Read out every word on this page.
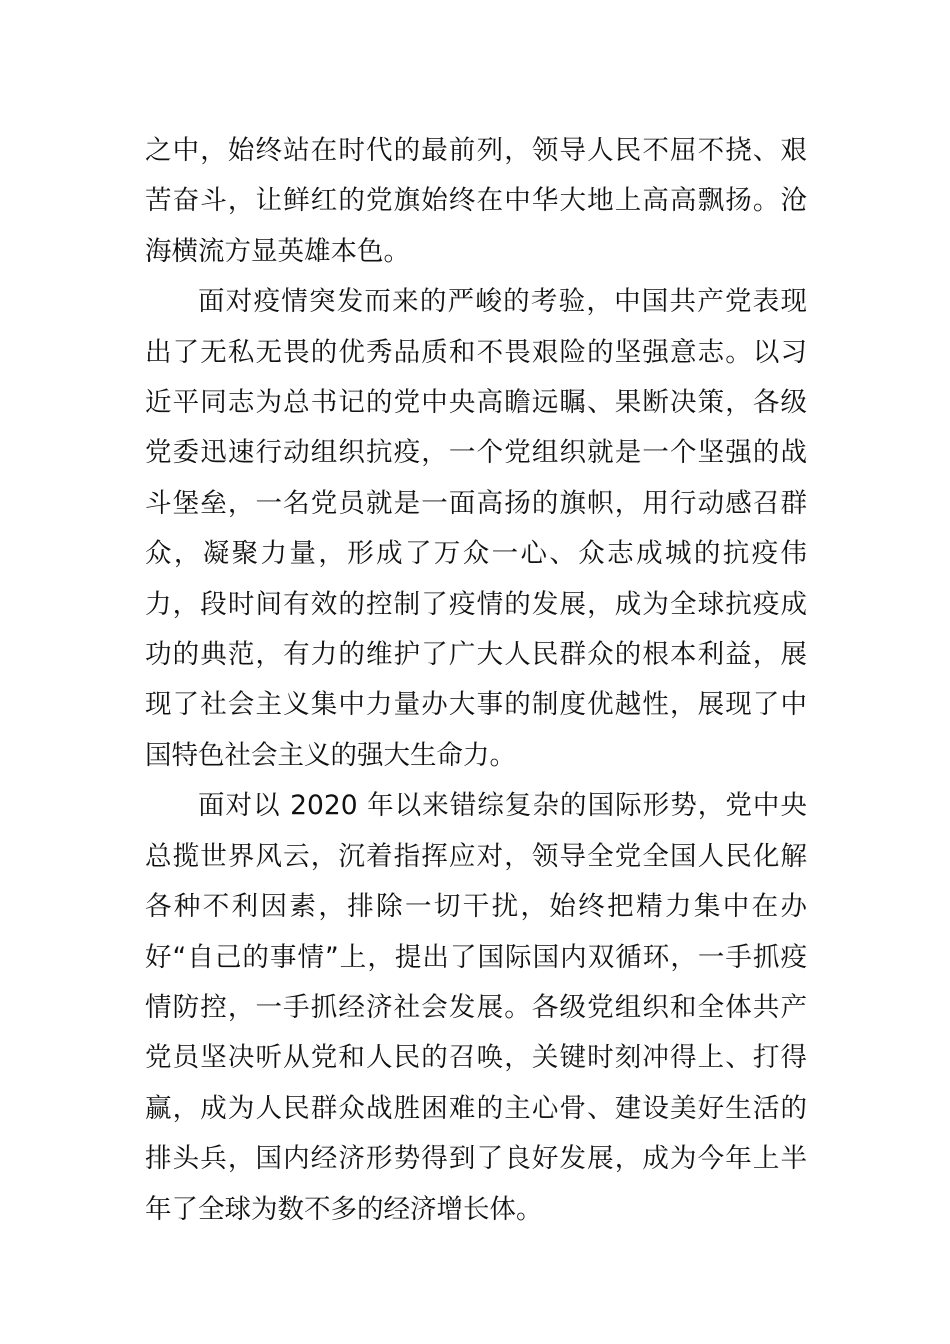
之中，始终站在时代的最前列，领导人民不屈不挠、艰苦奋斗，让鲜红的党旗始终在中华大地上高高飘扬。沧海横流方显英雄本色。

面对疫情突发而来的严峻的考验，中国共产党表现出了无私无畏的优秀品质和不畏艰险的坚强意志。以习近平同志为总书记的党中央高瞻远瞩、果断决策，各级党委迅速行动组织抗疫，一个党组织就是一个坚强的战斗堡垒，一名党员就是一面高扬的旗帜，用行动感召群众，凝聚力量，形成了万众一心、众志成城的抗疫伟力，段时间有效的控制了疫情的发展，成为全球抗疫成功的典范，有力的维护了广大人民群众的根本利益，展现了社会主义集中力量办大事的制度优越性，展现了中国特色社会主义的强大生命力。

面对以 2020 年以来错综复杂的国际形势，党中央总揽世界风云，沉着指挥应对，领导全党全国人民化解各种不利因素，排除一切干扰，始终把精力集中在办好“自己的事情”上，提出了国际国内双循环，一手抓疫情防控，一手抓经济社会发展。各级党组织和全体共产党员坚决听从党和人民的召唤，关键时刻冲得上、打得赢，成为人民群众战胜困难的主心骨、建设美好生活的排头兵，国内经济形势得到了良好发展，成为今年上半年了全球为数不多的经济增长体。
